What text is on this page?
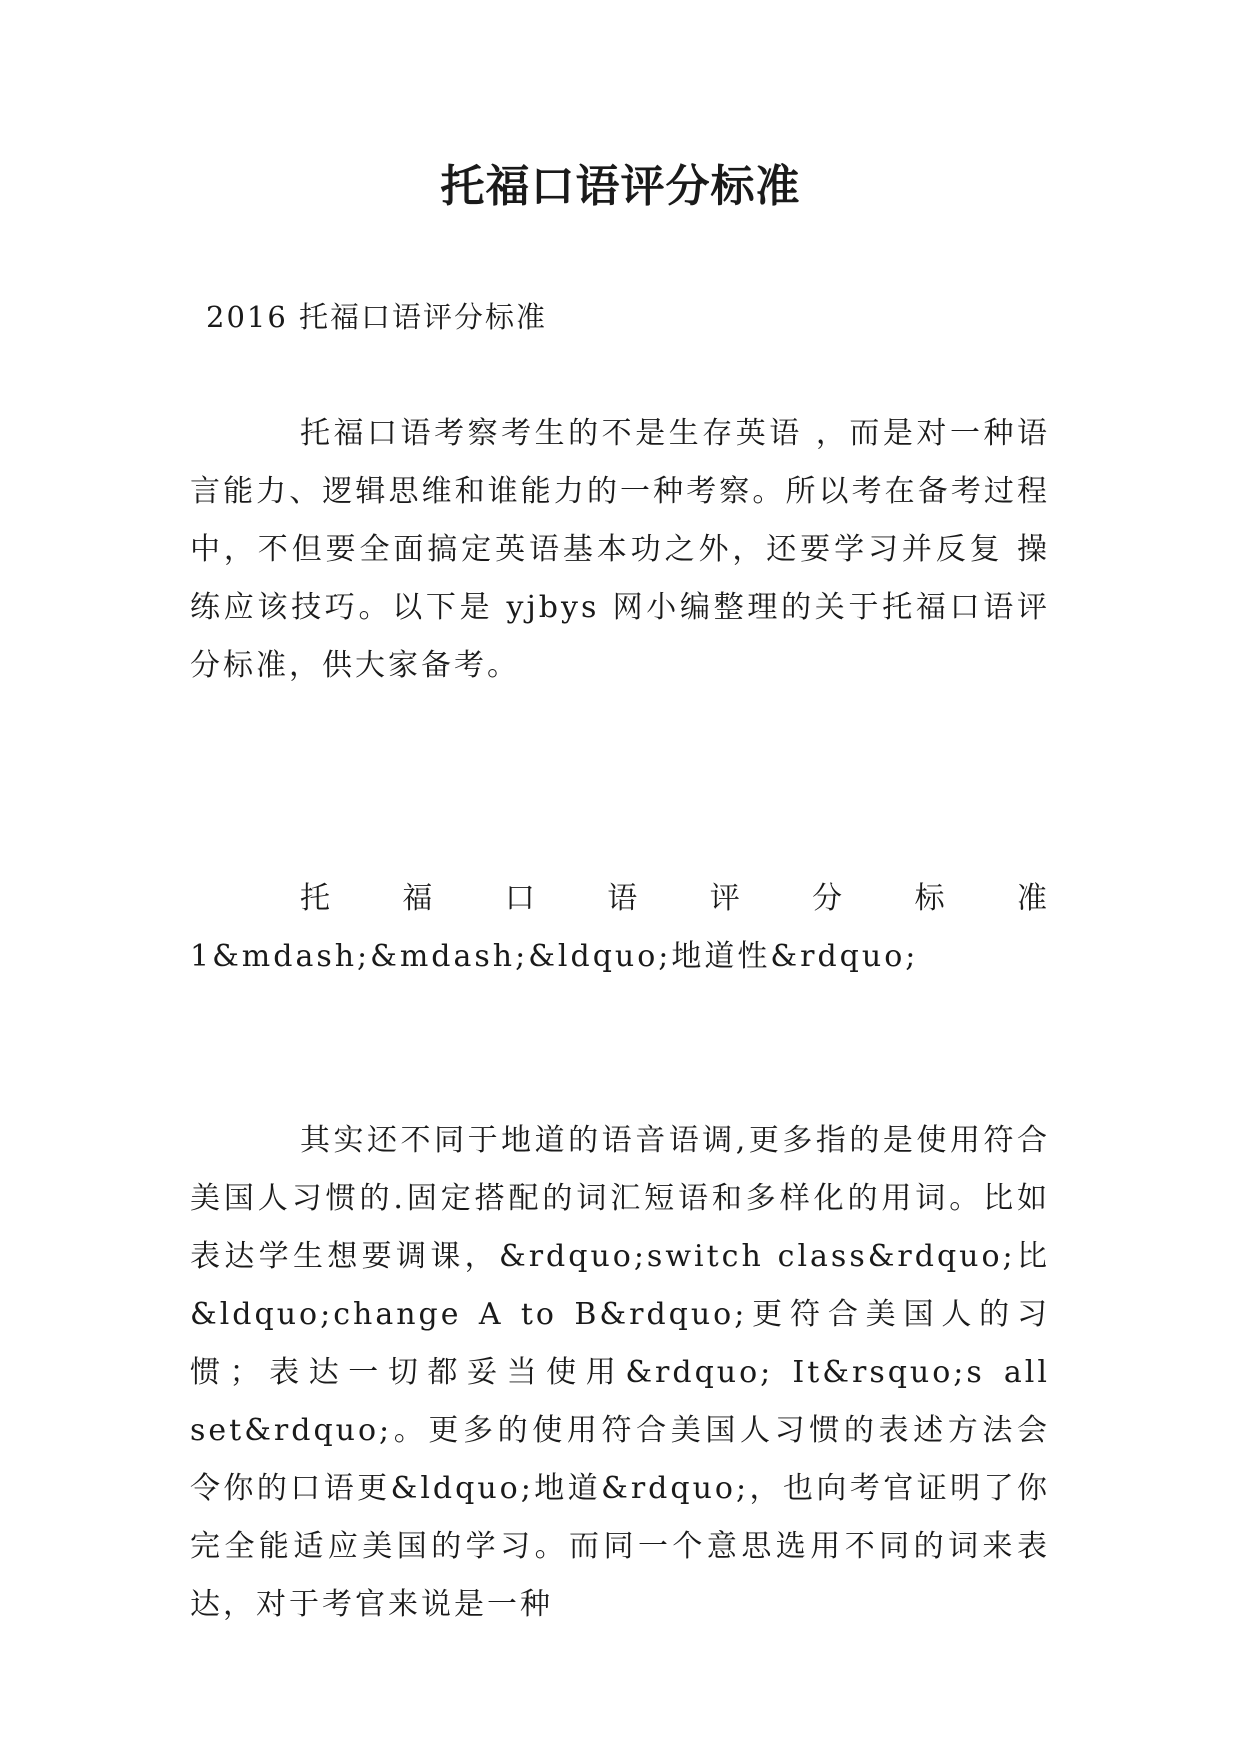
托福口语评分标准

2016 托福口语评分标准

托福口语考察考生的不是生存英语 ，而是对一种语言能力、逻辑思维和谁能力的一种考察。所以考在备考过程中，不但要全面搞定英语基本功之外，还要学习并反复 操练应该技巧。以下是 yjbys 网小编整理的关于托福口语评分标准，供大家备考。

托福口语评分标准 1&mdash;&mdash;&ldquo;地道性&rdquo;

其实还不同于地道的语音语调,更多指的是使用符合美国人习惯的.固定搭配的词汇短语和多样化的用词。比如表达学生想要调课，&rdquo;switch class&rdquo;比&ldquo;change A to B&rdquo;更符合美国人的习惯；表达一切都妥当使用&rdquo; It&rsquo;s all set&rdquo;。更多的使用符合美国人习惯的表述方法会令你的口语更&ldquo;地道&rdquo;，也向考官证明了你完全能适应美国的学习。而同一个意思选用不同的词来表达，对于考官来说是一种
